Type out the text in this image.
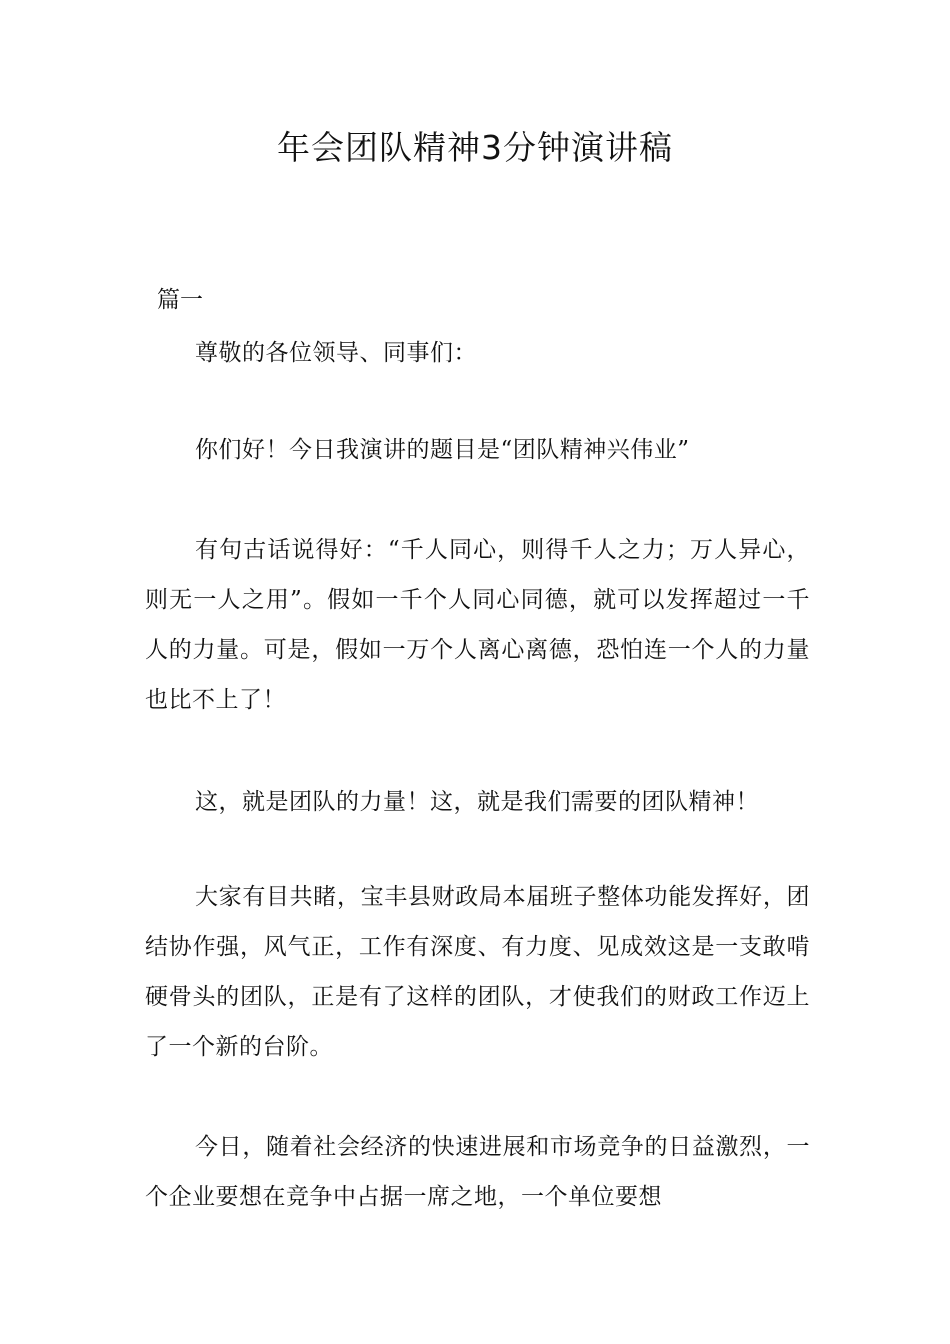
年会团队精神3分钟演讲稿

篇一

尊敬的各位领导、同事们：

你们好！今日我演讲的题目是“团队精神兴伟业”

有句古话说得好：“千人同心，则得千人之力；万人异心，则无一人之用”。假如一千个人同心同德，就可以发挥超过一千人的力量。可是，假如一万个人离心离德，恐怕连一个人的力量也比不上了！

这，就是团队的力量！这，就是我们需要的团队精神！

大家有目共睹，宝丰县财政局本届班子整体功能发挥好，团结协作强，风气正，工作有深度、有力度、见成效这是一支敢啃硬骨头的团队，正是有了这样的团队，才使我们的财政工作迈上了一个新的台阶。

今日，随着社会经济的快速进展和市场竞争的日益激烈，一个企业要想在竞争中占据一席之地，一个单位要想
